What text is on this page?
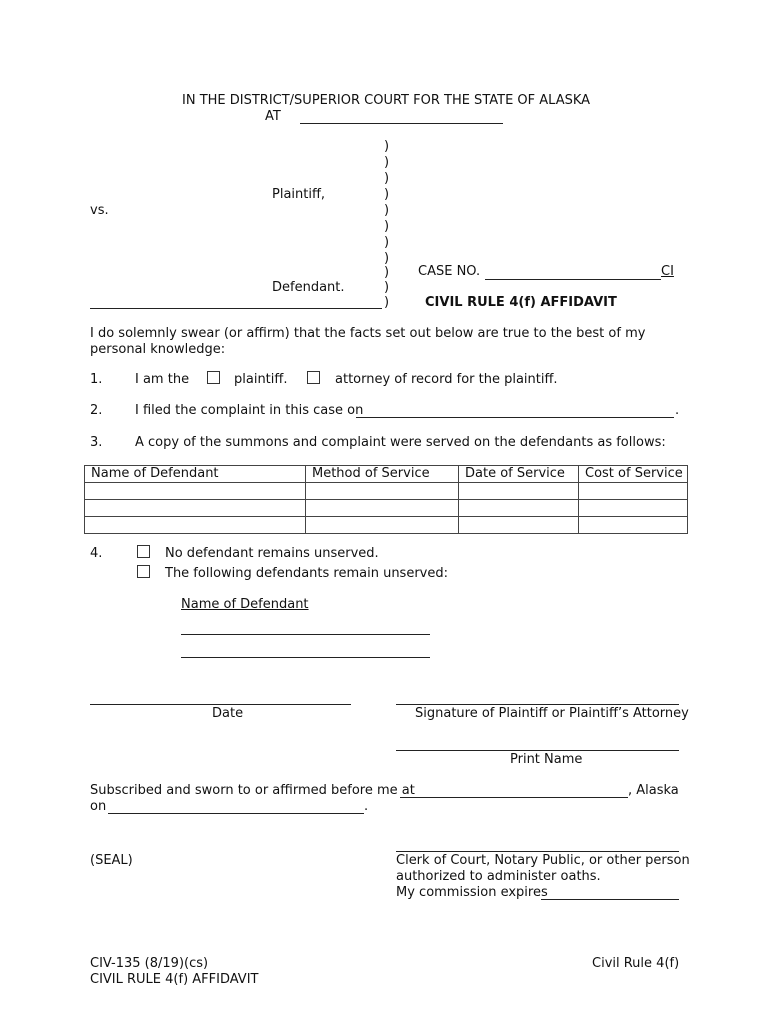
IN THE DISTRICT/SUPERIOR COURT FOR THE STATE OF ALASKA
AT
)
)
)
)
)
)
)
)
)
)
)
Plaintiff,
vs.
Defendant.
CASE NO.	CI
CIVIL RULE 4(f) AFFIDAVIT
I do solemnly swear (or affirm) that the facts set out below are true to the best of my personal knowledge:
1.	I am the	plaintiff.	attorney of record for the plaintiff.
2.	I filed the complaint in this case on	.
3.	A copy of the summons and complaint were served on the defendants as follows:
Name of Defendant	Method of Service	Date of Service	Cost of Service

4.	No defendant remains unserved.
The following defendants remain unserved:
Name of Defendant
Date	Signature of Plaintiff or Plaintiff’s Attorney
Print Name
Subscribed and sworn to or affirmed before me at	, Alaska
on	.
(SEAL)	Clerk of Court, Notary Public, or other person
authorized to administer oaths.
My commission expires
CIV-135 (8/19)(cs)
CIVIL RULE 4(f) AFFIDAVIT
Civil Rule 4(f)
